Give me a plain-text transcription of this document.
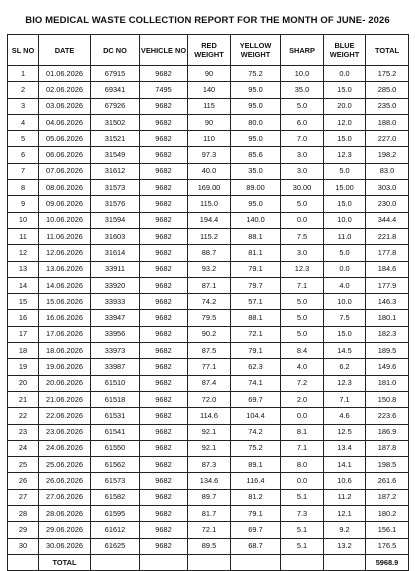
BIO MEDICAL WASTE COLLECTION REPORT FOR THE MONTH OF JUNE- 2026
SL NO	DATE	DC NO	VEHICLE NO	RED WEIGHT	YELLOW WEIGHT	SHARP	BLUE WEIGHT	TOTAL
1	01.06.2026	67915	9682	90	75.2	10.0	0.0	175.2
2	02.06.2026	69341	7495	140	95.0	35.0	15.0	285.0
3	03.06.2026	67926	9682	115	95.0	5.0	20.0	235.0
4	04.06.2026	31502	9682	90	80.0	6.0	12.0	188.0
5	05.06.2026	31521	9682	110	95.0	7.0	15.0	227.0
6	06.06.2026	31549	9682	97.3	85.6	3.0	12.3	198.2
7	07.06.2026	31612	9682	40.0	35.0	3.0	5.0	83.0
8	08.06.2026	31573	9682	169.00	89.00	30.00	15.00	303.0
9	09.06.2026	31576	9682	115.0	95.0	5.0	15.0	230.0
10	10.06.2026	31594	9682	194.4	140.0	0.0	10.0	344.4
11	11.06.2026	31603	9682	115.2	88.1	7.5	11.0	221.8
12	12.06.2026	31614	9682	88.7	81.1	3.0	5.0	177.8
13	13.06.2026	33911	9682	93.2	79.1	12.3	0.0	184.6
14	14.06.2026	33920	9682	87.1	79.7	7.1	4.0	177.9
15	15.06.2026	33933	9682	74.2	57.1	5.0	10.0	146.3
16	16.06.2026	33947	9682	79.5	88.1	5.0	7.5	180.1
17	17.06.2026	33956	9682	90.2	72.1	5.0	15.0	182.3
18	18.06.2026	33973	9682	87.5	79.1	8.4	14.5	189.5
19	19.06.2026	33987	9682	77.1	62.3	4.0	6.2	149.6
20	20.06.2026	61510	9682	87.4	74.1	7.2	12.3	181.0
21	21.06.2026	61518	9682	72.0	69.7	2.0	7.1	150.8
22	22.06.2026	61531	9682	114.6	104.4	0.0	4.6	223.6
23	23.06.2026	61541	9682	92.1	74.2	8.1	12.5	186.9
24	24.06.2026	61550	9682	92.1	75.2	7.1	13.4	187.8
25	25.06.2026	61562	9682	87.3	89.1	8.0	14.1	198.5
26	26.06.2026	61573	9682	134.6	116.4	0.0	10.6	261.6
27	27.06.2026	61582	9682	89.7	81.2	5.1	11.2	187.2
28	28.06.2026	61595	9682	81.7	79.1	7.3	12.1	180.2
29	29.06.2026	61612	9682	72.1	69.7	5.1	9.2	156.1
30	30.06.2026	61625	9682	89.5	68.7	5.1	13.2	176.5
	TOTAL							5968.9
